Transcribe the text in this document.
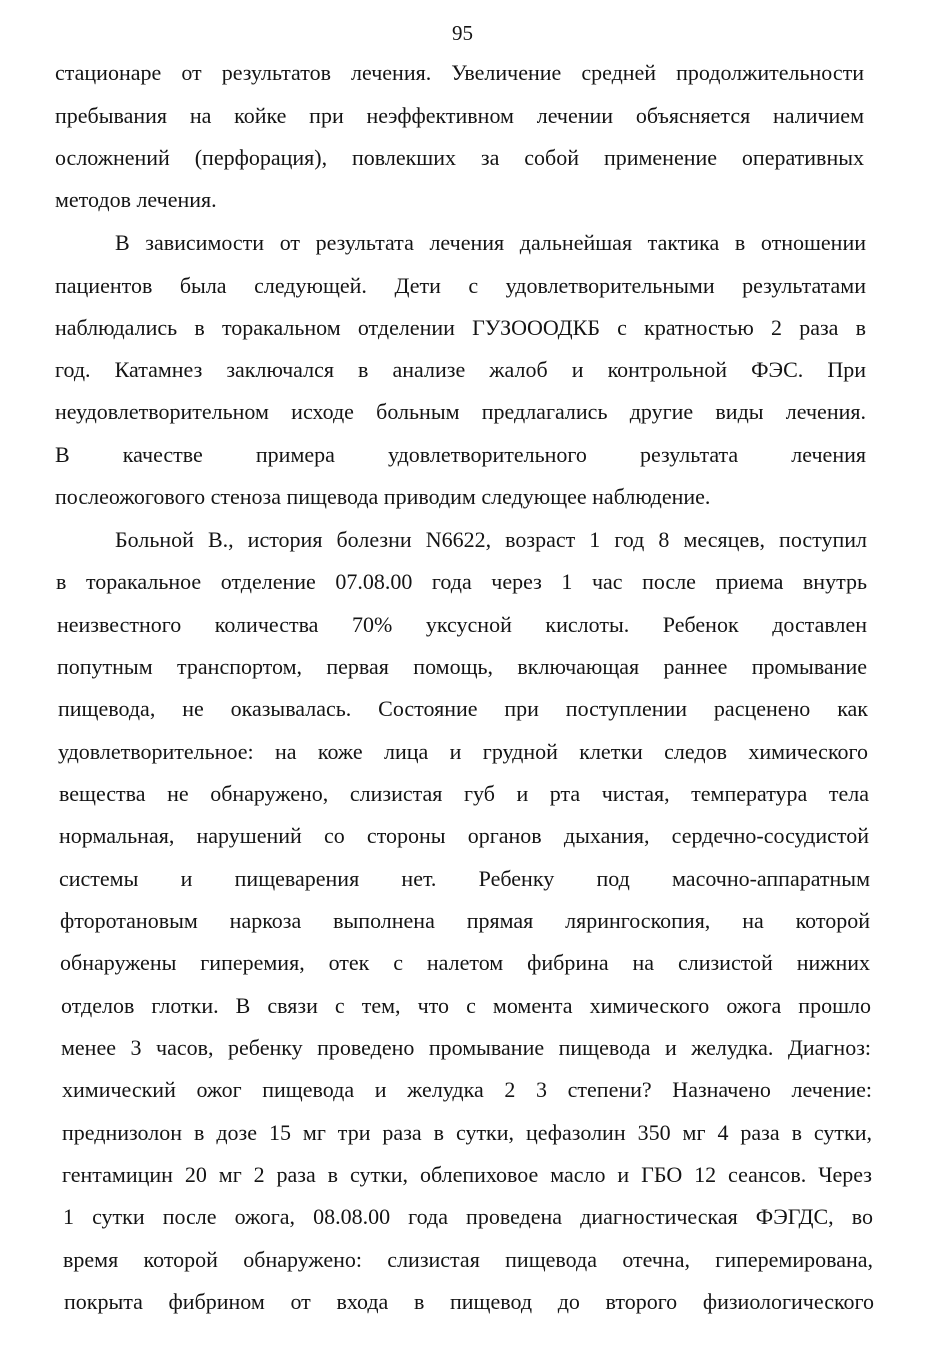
95
стационаре от результатов лечения. Увеличение средней продолжительности
пребывания на койке при неэффективном лечении объясняется наличием
осложнений (перфорация), повлекших за собой применение оперативных
методов лечения.
В зависимости от результата лечения дальнейшая тактика в отношении
пациентов была следующей. Дети с удовлетворительными результатами
наблюдались в торакальном отделении ГУЗОООДКБ с кратностью 2 раза в
год. Катамнез заключался в анализе жалоб и контрольной ФЭС. При
неудовлетворительном исходе больным предлагались другие виды лечения.
В качестве примера удовлетворительного результата лечения
послеожогового стеноза пищевода приводим следующее наблюдение.
Больной В., история болезни N6622, возраст 1 год 8 месяцев, поступил
в торакальное отделение 07.08.00 года через 1 час после приема внутрь
неизвестного количества 70% уксусной кислоты. Ребенок доставлен
попутным транспортом, первая помощь, включающая раннее промывание
пищевода, не оказывалась. Состояние при поступлении расценено как
удовлетворительное: на коже лица и грудной клетки следов химического
вещества не обнаружено, слизистая губ и рта чистая, температура тела
нормальная, нарушений со стороны органов дыхания, сердечно-сосудистой
системы и пищеварения нет. Ребенку под масочно-аппаратным
фторотановым наркоза выполнена прямая лярингоскопия, на которой
обнаружены гиперемия, отек с налетом фибрина на слизистой нижних
отделов глотки. В связи с тем, что с момента химического ожога прошло
менее 3 часов, ребенку проведено промывание пищевода и желудка. Диагноз:
химический ожог пищевода и желудка 2 3 степени? Назначено лечение:
преднизолон в дозе 15 мг три раза в сутки, цефазолин 350 мг 4 раза в сутки,
гентамицин 20 мг 2 раза в сутки, облепиховое масло и ГБО 12 сеансов. Через
1 сутки после ожога, 08.08.00 года проведена диагностическая ФЭГДС, во
время которой обнаружено: слизистая пищевода отечна, гиперемирована,
покрыта фибрином от входа в пищевод до второго физиологического
